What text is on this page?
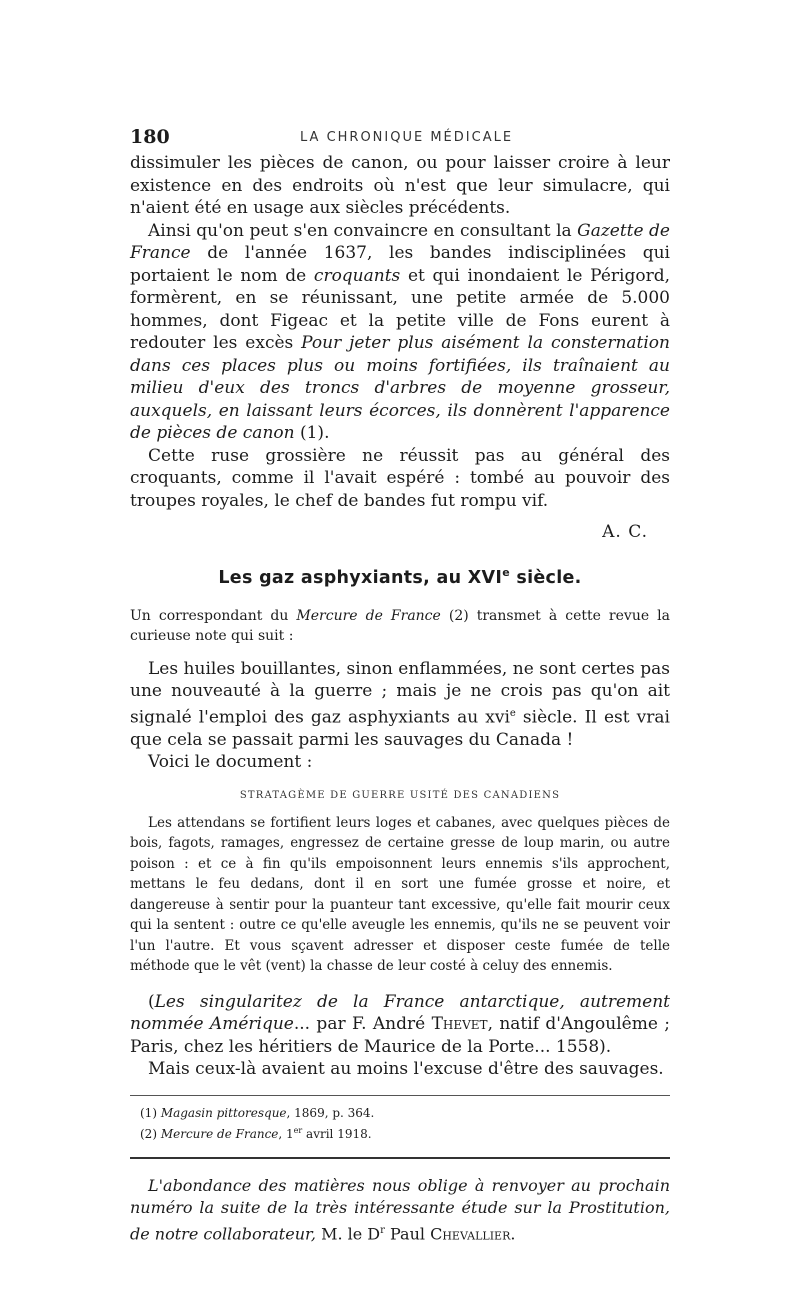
180	LA CHRONIQUE MÉDICALE

dissimuler les pièces de canon, ou pour laisser croire à leur existence en des endroits où n'est que leur simulacre, qui n'aient été en usage aux siècles précédents.

Ainsi qu'on peut s'en convaincre en consultant la Gazette de France de l'année 1637, les bandes indisciplinées qui portaient le nom de croquants et qui inondaient le Périgord, formèrent, en se réunissant, une petite armée de 5.000 hommes, dont Figeac et la petite ville de Fons eurent à redouter les excès Pour jeter plus aisément la consternation dans ces places plus ou moins fortifiées, ils traînaient au milieu d'eux des troncs d'arbres de moyenne grosseur, auxquels, en laissant leurs écorces, ils donnèrent l'apparence de pièces de canon (1).

Cette ruse grossière ne réussit pas au général des croquants, comme il l'avait espéré : tombé au pouvoir des troupes royales, le chef de bandes fut rompu vif.

A. C.
Les gaz asphyxiants, au XVIe siècle.

Un correspondant du Mercure de France (2) transmet à cette revue la curieuse note qui suit :

Les huiles bouillantes, sinon enflammées, ne sont certes pas une nouveauté à la guerre ; mais je ne crois pas qu'on ait signalé l'emploi des gaz asphyxiants au xvi$^e$ siècle. Il est vrai que cela se passait parmi les sauvages du Canada !

Voici le document :

STRATAGÈME DE GUERRE USITÉ DES CANADIENS

Les attendans se fortifient leurs loges et cabanes, avec quelques pièces de bois, fagots, ramages, engressez de certaine gresse de loup marin, ou autre poison : et ce à fin qu'ils empoisonnent leurs ennemis s'ils approchent, mettans le feu dedans, dont il en sort une fumée grosse et noire, et dangereuse à sentir pour la puanteur tant excessive, qu'elle fait mourir ceux qui la sentent : outre ce qu'elle aveugle les ennemis, qu'ils ne se peuvent voir l'un l'autre. Et vous sçavent adresser et disposer ceste fumée de telle méthode que le vêt (vent) la chasse de leur costé à celuy des ennemis.

(Les singularitez de la France antarctique, autrement nommée Amérique... par F. André Thevet, natif d'Angoulême ; Paris, chez les héritiers de Maurice de la Porte... 1558).

Mais ceux-là avaient au moins l'excuse d'être des sauvages.

(1) Magasin pittoresque, 1869, p. 364.
(2) Mercure de France, 1er avril 1918.

L'abondance des matières nous oblige à renvoyer au prochain numéro la suite de la très intéressante étude sur la Prostitution, de notre collaborateur, M. le $D^r$ Paul Chevallier.
